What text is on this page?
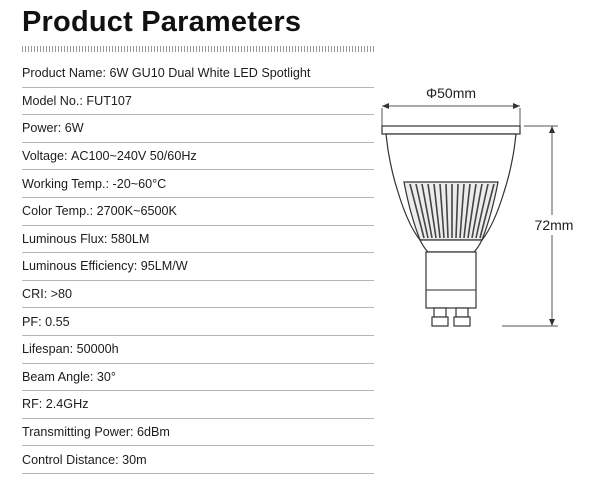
Product Parameters
Product Name : 6W GU10 Dual White LED Spotlight
Model No. : FUT107
Power : 6W
Voltage : AC100~240V 50/60Hz
Working Temp. : -20~60°C
Color Temp. : 2700K~6500K
Luminous Flux : 580LM
Luminous Efficiency : 95LM/W
CRI : >80
PF : 0.55
Lifespan : 50000h
Beam Angle : 30°
RF : 2.4GHz
Transmitting Power : 6dBm
Control Distance : 30m
Φ50mm
72mm
